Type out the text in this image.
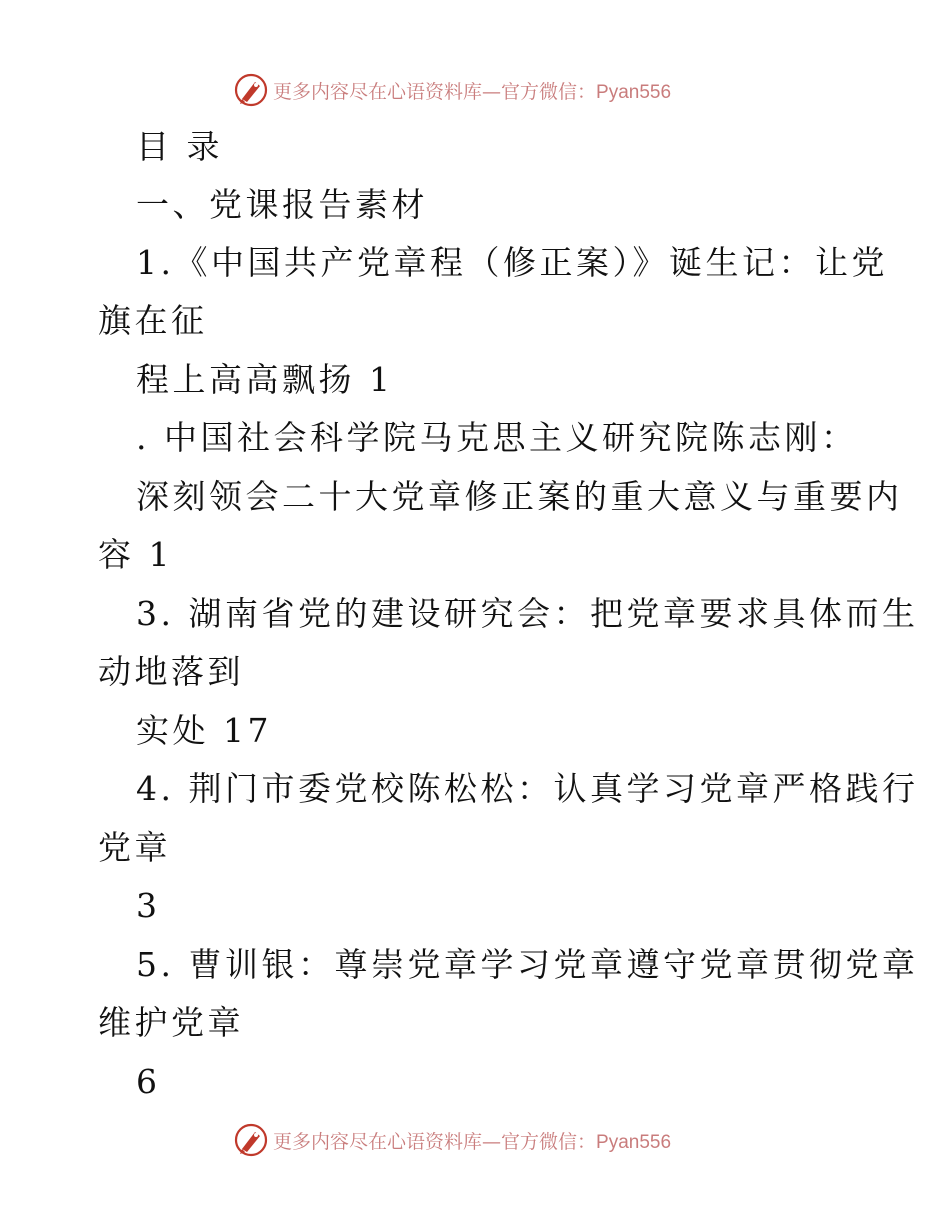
更多内容尽在心语资料库—官方微信：Pyan556
目 录
一、党课报告素材
1.《中国共产党章程（修正案）》诞生记：让党
旗在征
程上高高飘扬 1
. 中国社会科学院马克思主义研究院陈志刚：
深刻领会二十大党章修正案的重大意义与重要内
容 1
3. 湖南省党的建设研究会：把党章要求具体而生
动地落到
实处 17
4. 荆门市委党校陈松松：认真学习党章严格践行
党章
3
5. 曹训银：尊崇党章学习党章遵守党章贯彻党章
维护党章
6
更多内容尽在心语资料库—官方微信：Pyan556
